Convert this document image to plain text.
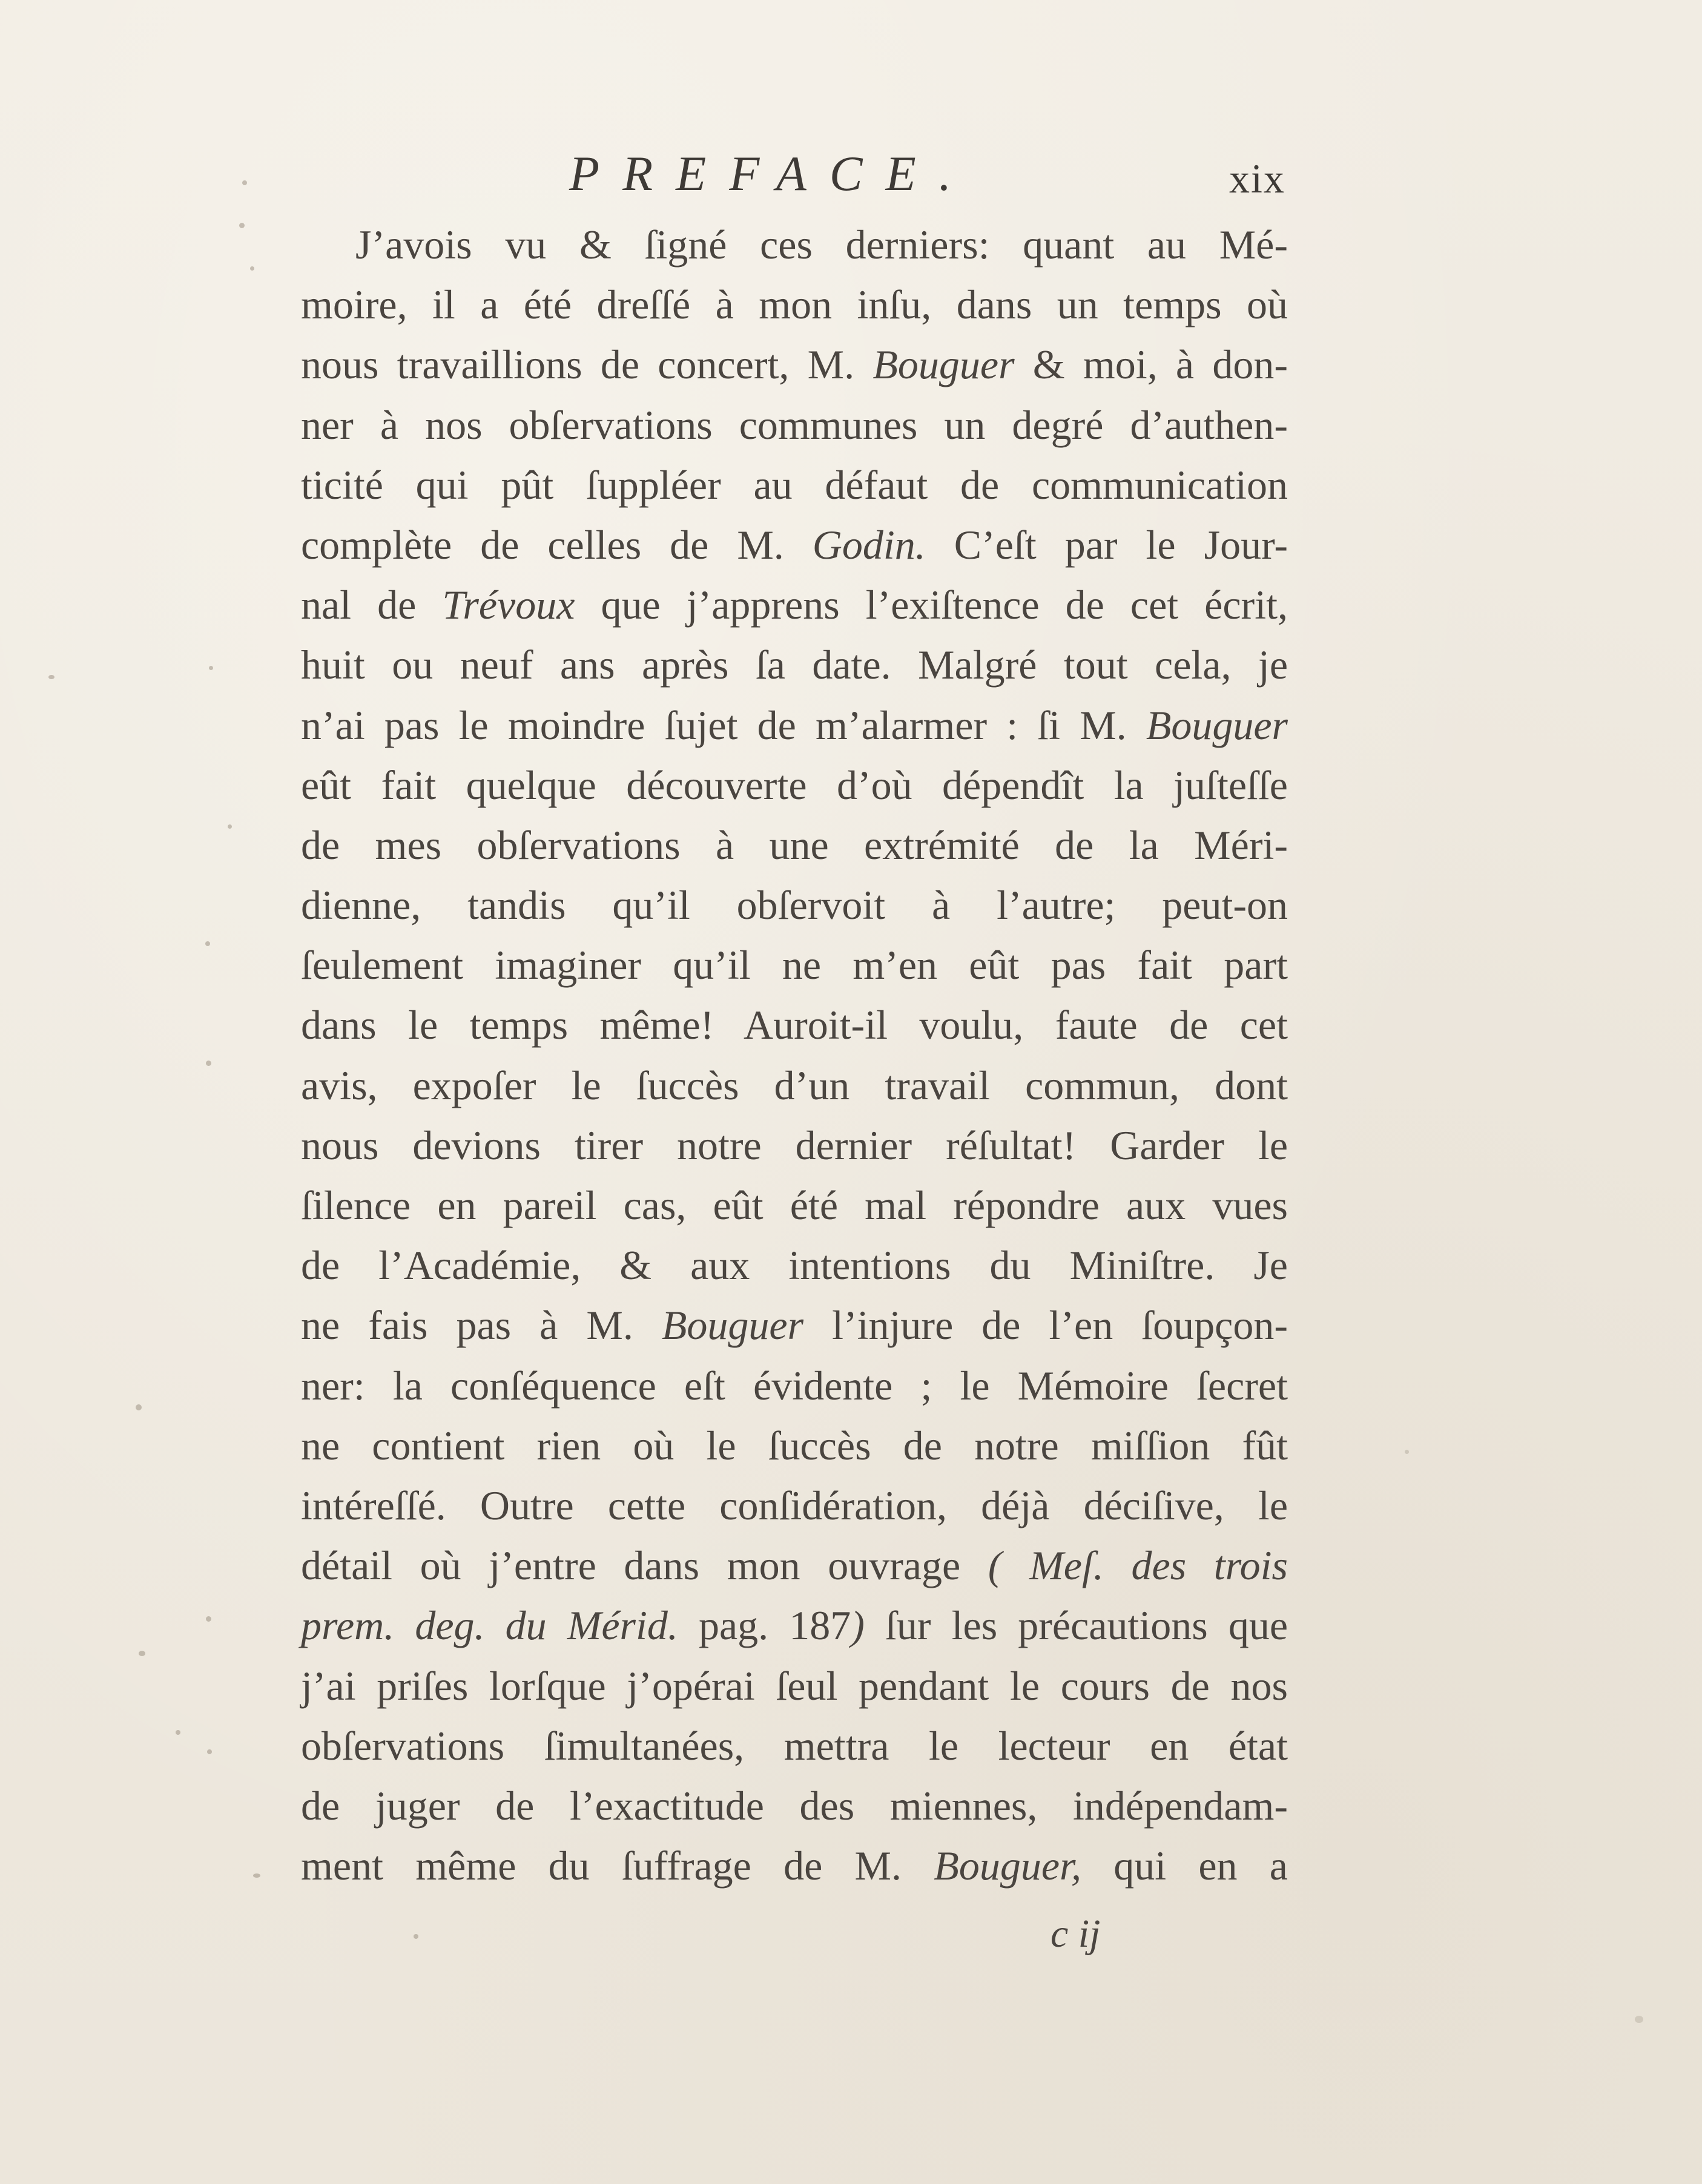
PREFACE.	xix
J’avois vu & ſigné ces derniers: quant au Mé-
moire, il a été dreſſé à mon inſu, dans un temps où
nous travaillions de concert, M. Bouguer & moi, à don-
ner à nos obſervations communes un degré d’authen-
ticité qui pût ſuppléer au défaut de communication
complète de celles de M. Godin. C’eſt par le Jour-
nal de Trévoux que j’apprens l’exiſtence de cet écrit,
huit ou neuf ans après ſa date. Malgré tout cela, je
n’ai pas le moindre ſujet de m’alarmer : ſi M. Bouguer
eût fait quelque découverte d’où dépendît la juſteſſe
de mes obſervations à une extrémité de la Méri-
dienne, tandis qu’il obſervoit à l’autre; peut-on
ſeulement imaginer qu’il ne m’en eût pas fait part
dans le temps même! Auroit-il voulu, faute de cet
avis, expoſer le ſuccès d’un travail commun, dont
nous devions tirer notre dernier réſultat! Garder le
ſilence en pareil cas, eût été mal répondre aux vues
de l’Académie, & aux intentions du Miniſtre. Je
ne fais pas à M. Bouguer l’injure de l’en ſoupçon-
ner: la conſéquence eſt évidente ; le Mémoire ſecret
ne contient rien où le ſuccès de notre miſſion fût
intéreſſé. Outre cette conſidération, déjà déciſive, le
détail où j’entre dans mon ouvrage ( Meſ. des trois
prem. deg. du Mérid. pag. 187) ſur les précautions que
j’ai priſes lorſque j’opérai ſeul pendant le cours de nos
obſervations ſimultanées, mettra le lecteur en état
de juger de l’exactitude des miennes, indépendam-
ment même du ſuffrage de M. Bouguer, qui en a
c ij
